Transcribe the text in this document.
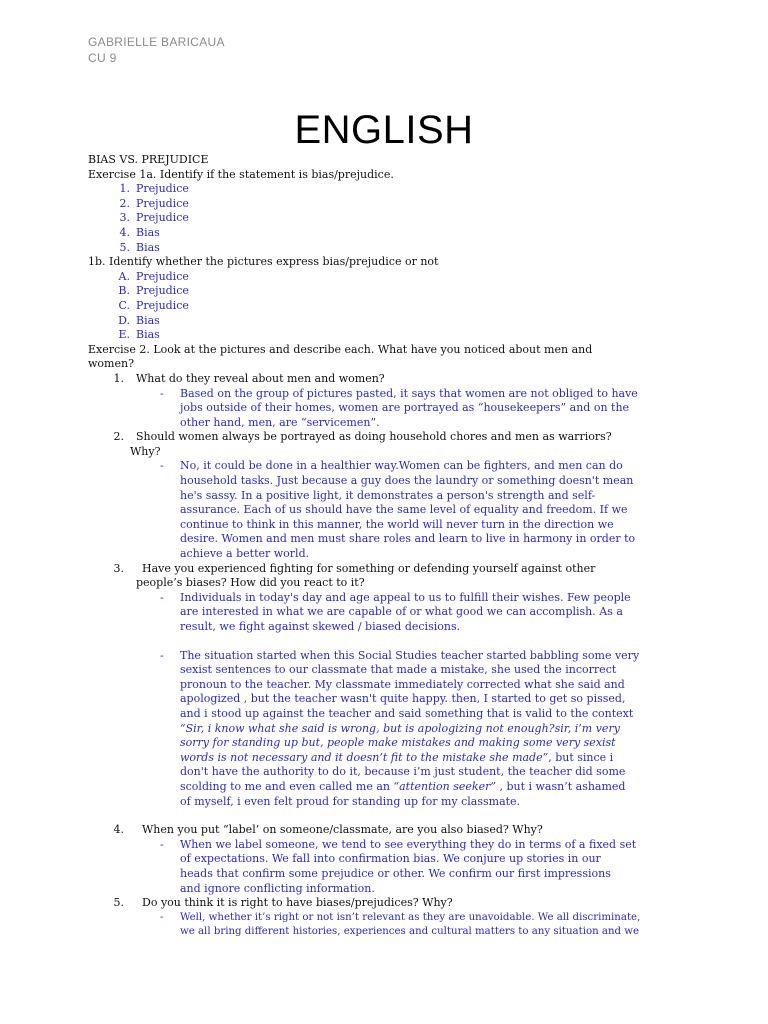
GABRIELLE BARICAUA
CU 9
ENGLISH

BIAS VS. PREJUDICE

Exercise 1a. Identify if the statement is bias/prejudice.

1. Prejudice
2. Prejudice
3. Prejudice
4. Bias
5. Bias

1b. Identify whether the pictures express bias/prejudice or not

A. Prejudice
B. Prejudice
C. Prejudice
D. Bias
E. Bias

Exercise 2. Look at the pictures and describe each. What have you noticed about men and
women?

1. What do they reveal about men and women?
- Based on the group of pictures pasted, it says that women are not obliged to have
jobs outside of their homes, women are portrayed as “housekeepers” and on the
other hand, men, are “servicemen”.
2. Should women always be portrayed as doing household chores and men as warriors?
Why?
- No, it could be done in a healthier way.Women can be fighters, and men can do
household tasks. Just because a guy does the laundry or something doesn't mean
he's sassy. In a positive light, it demonstrates a person's strength and self-
assurance. Each of us should have the same level of equality and freedom. If we
continue to think in this manner, the world will never turn in the direction we
desire. Women and men must share roles and learn to live in harmony in order to
achieve a better world.
3. Have you experienced fighting for something or defending yourself against other
people’s biases? How did you react to it?
- Individuals in today's day and age appeal to us to fulfill their wishes. Few people
are interested in what we are capable of or what good we can accomplish. As a
result, we fight against skewed / biased decisions.
- The situation started when this Social Studies teacher started babbling some very
sexist sentences to our classmate that made a mistake, she used the incorrect
pronoun to the teacher. My classmate immediately corrected what she said and
apologized , but the teacher wasn't quite happy. then, I started to get so pissed,
and i stood up against the teacher and said something that is valid to the context
“Sir, i know what she said is wrong, but is apologizing not enough?sir, i’m very
sorry for standing up but, people make mistakes and making some very sexist
words is not necessary and it doesn’t fit to the mistake she made”, but since i
don't have the authority to do it, because i’m just student, the teacher did some
scolding to me and even called me an “attention seeker” , but i wasn’t ashamed
of myself, i even felt proud for standing up for my classmate.
4. When you put “label’ on someone/classmate, are you also biased? Why?
- When we label someone, we tend to see everything they do in terms of a fixed set
of expectations. We fall into confirmation bias. We conjure up stories in our
heads that confirm some prejudice or other. We confirm our first impressions
and ignore conflicting information.
5. Do you think it is right to have biases/prejudices? Why?
- Well, whether it’s right or not isn’t relevant as they are unavoidable. We all discriminate,
we all bring different histories, experiences and cultural matters to any situation and we
